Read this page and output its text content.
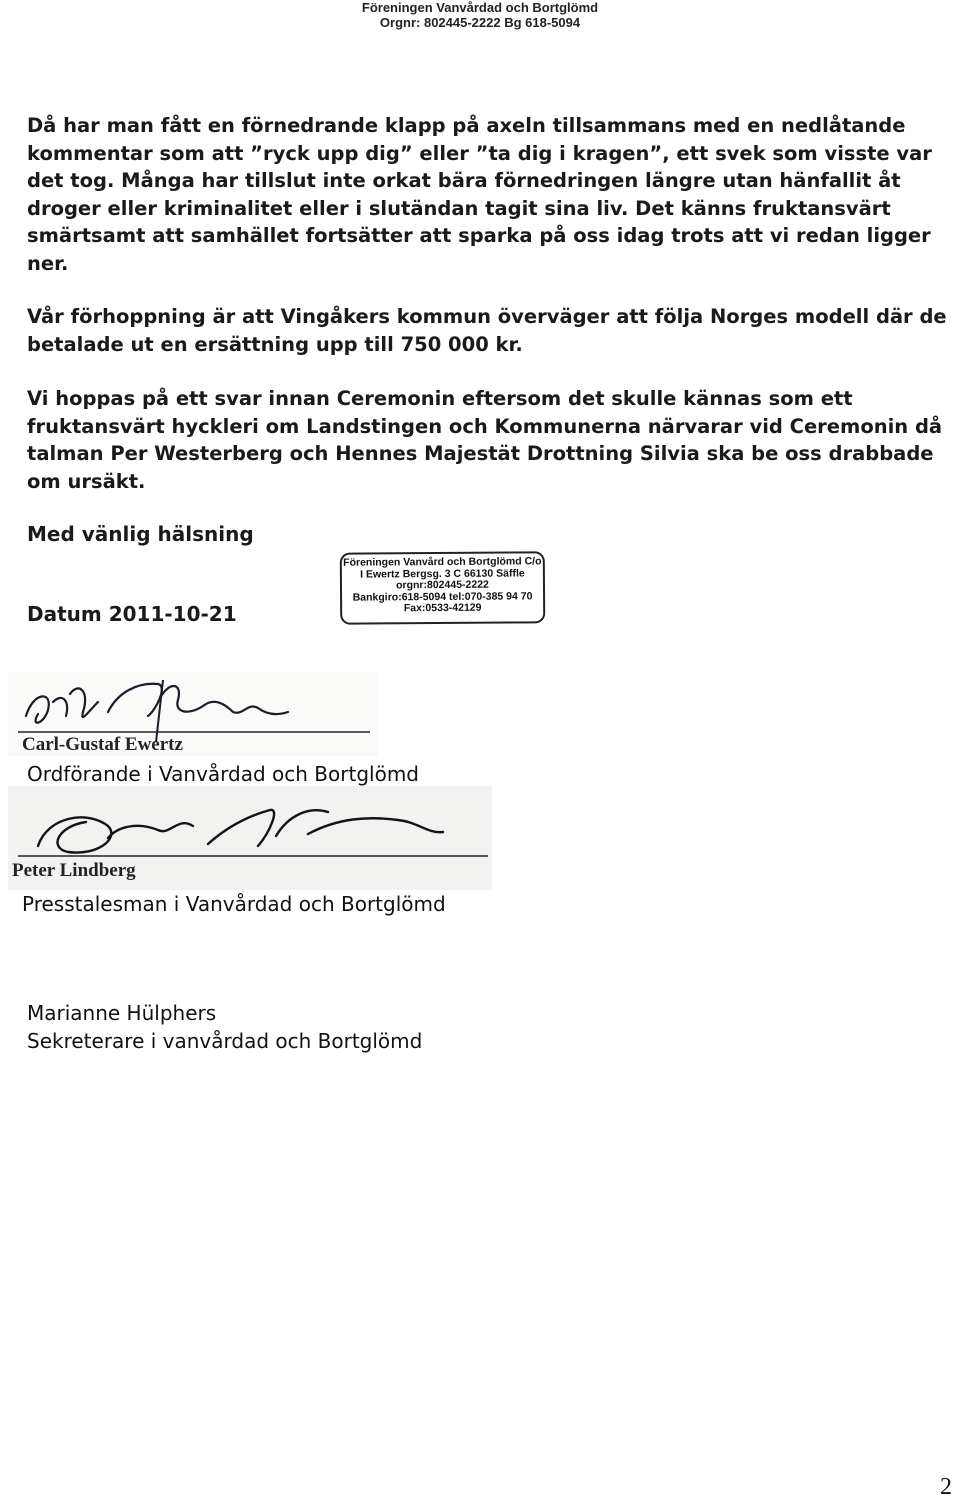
Föreningen Vanvårdad och Bortglömd
Orgnr: 802445-2222 Bg 618-5094

Då har man fått en förnedrande klapp på axeln tillsammans med en nedlåtande kommentar som att ”ryck upp dig” eller ”ta dig i kragen”, ett svek som visste var det tog. Många har tillslut inte orkat bära förnedringen längre utan hänfallit åt droger eller kriminalitet eller i slutändan tagit sina liv. Det känns fruktansvärt smärtsamt att samhället fortsätter att sparka på oss idag trots att vi redan ligger ner.

Vår förhoppning är att Vingåkers kommun överväger att följa Norges modell där de betalade ut en ersättning upp till 750 000 kr.

Vi hoppas på ett svar innan Ceremonin eftersom det skulle kännas som ett fruktansvärt hyckleri om Landstingen och Kommunerna närvarar vid Ceremonin då talman Per Westerberg och Hennes Majestät Drottning Silvia ska be oss drabbade om ursäkt.

Med vänlig hälsning
Datum 2011-10-21
Föreningen Vanvård och Bortglömd C/o
I Ewertz Bergsg. 3 C 66130 Säffle
orgnr:802445-2222
Bankgiro:618-5094 tel:070-385 94 70
Fax:0533-42129
Carl-Gustaf Ewertz
Ordförande i Vanvårdad och Bortglömd
Peter Lindberg
Presstalesman i Vanvårdad och Bortglömd
Marianne Hülphers
Sekreterare i vanvårdad och Bortglömd
2
